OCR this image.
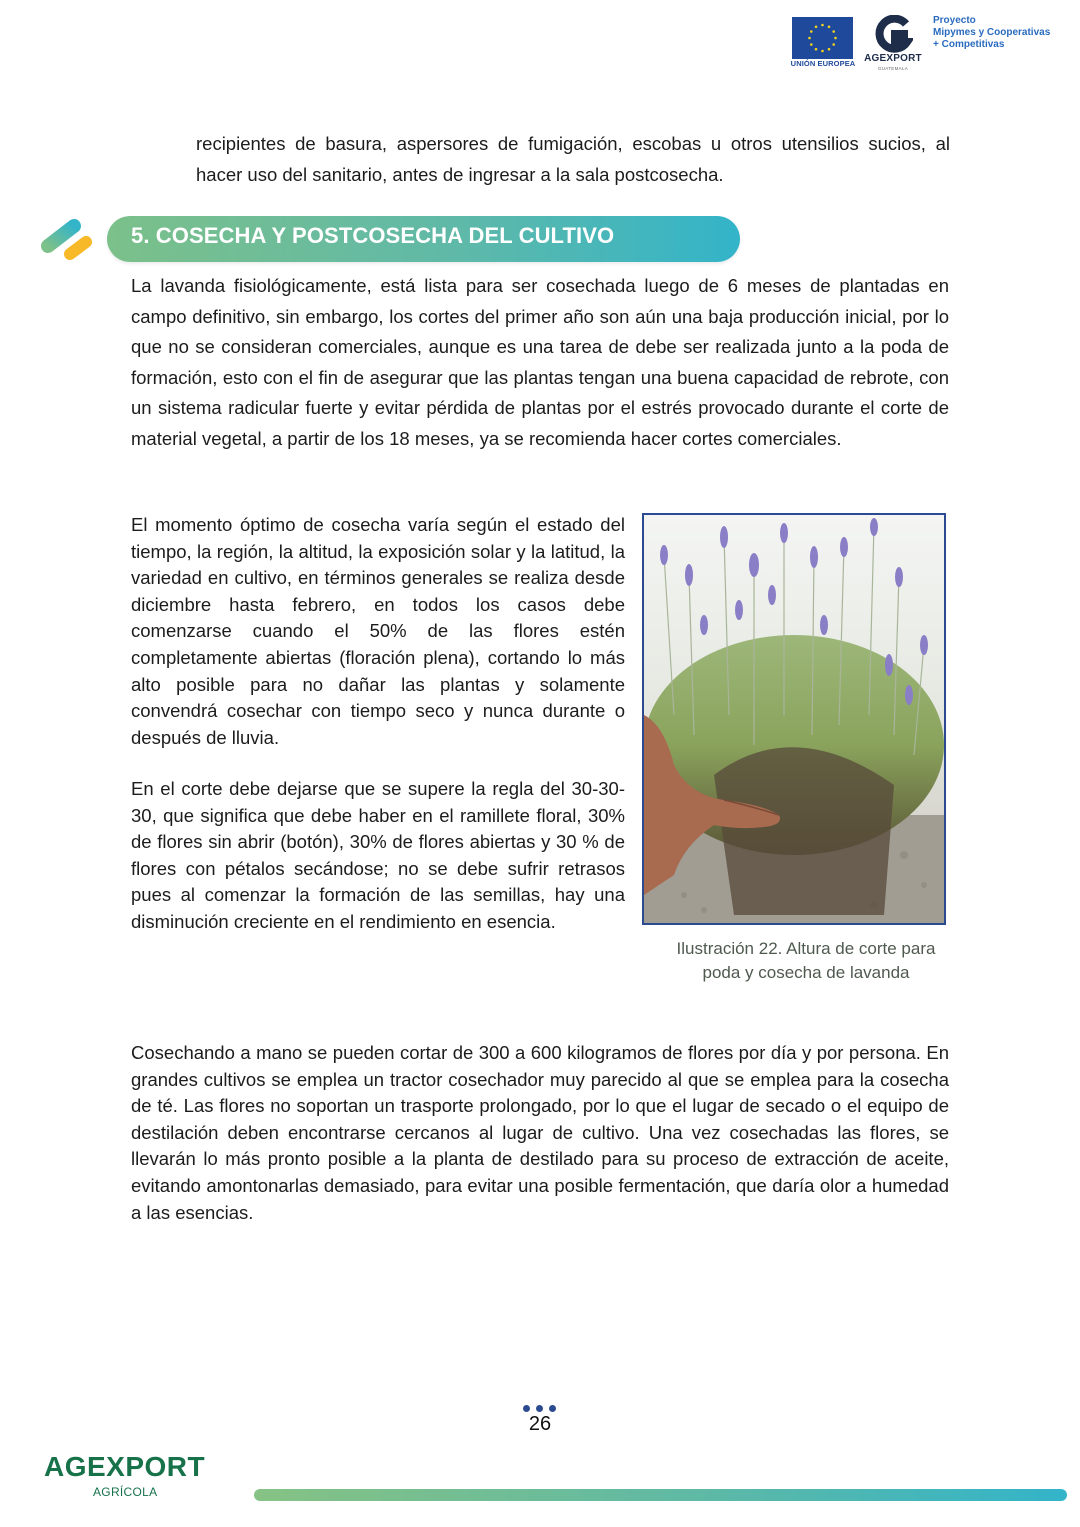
UNIÓN EUROPEA AGEXPORT
GUATEMALA
Proyecto
Mipymes y Cooperativas
+ Competitivas
recipientes de basura, aspersores de fumigación, escobas u otros utensilios sucios, al
hacer uso del sanitario, antes de ingresar a la sala postcosecha.
5. COSECHA Y POSTCOSECHA DEL CULTIVO
La lavanda fisiológicamente, está lista para ser cosechada luego de 6 meses de plantadas en campo definitivo, sin embargo, los cortes del primer año son aún una baja producción inicial, por lo que no se consideran comerciales, aunque es una tarea de debe ser realizada junto a la poda de formación, esto con el fin de asegurar que las plantas tengan una buena capacidad de rebrote, con un sistema radicular fuerte y evitar pérdida de plantas por el estrés provocado durante el corte de material vegetal, a partir de los 18 meses, ya se recomienda hacer cortes comerciales.
El momento óptimo de cosecha varía según el estado del tiempo, la región, la altitud, la exposición solar y la latitud, la variedad en cultivo, en términos generales se realiza desde diciembre hasta febrero, en todos los casos debe comenzarse cuando el 50% de las flores estén completamente abiertas (floración plena), cortando lo más alto posible para no dañar las plantas y solamente convendrá cosechar con tiempo seco y nunca durante o después de lluvia.
En el corte debe dejarse que se supere la regla del 30-30-30, que significa que debe haber en el ramillete floral, 30% de flores sin abrir (botón), 30% de flores abiertas y 30 % de flores con pétalos secándose; no se debe sufrir retrasos pues al comenzar la formación de las semillas, hay una disminución creciente en el rendimiento en esencia.
Ilustración 22. Altura de corte para
poda y cosecha de lavanda
Cosechando a mano se pueden cortar de 300 a 600 kilogramos de flores por día y por persona. En grandes cultivos se emplea un tractor cosechador muy parecido al que se emplea para la cosecha de té. Las flores no soportan un trasporte prolongado, por lo que el lugar de secado o el equipo de destilación deben encontrarse cercanos al lugar de cultivo. Una vez cosechadas las flores, se llevarán lo más pronto posible a la planta de destilado para su proceso de extracción de aceite, evitando amontonarlas demasiado, para evitar una posible fermentación, que daría olor a humedad a las esencias.
26
AGEXPORT
AGRÍCOLA
